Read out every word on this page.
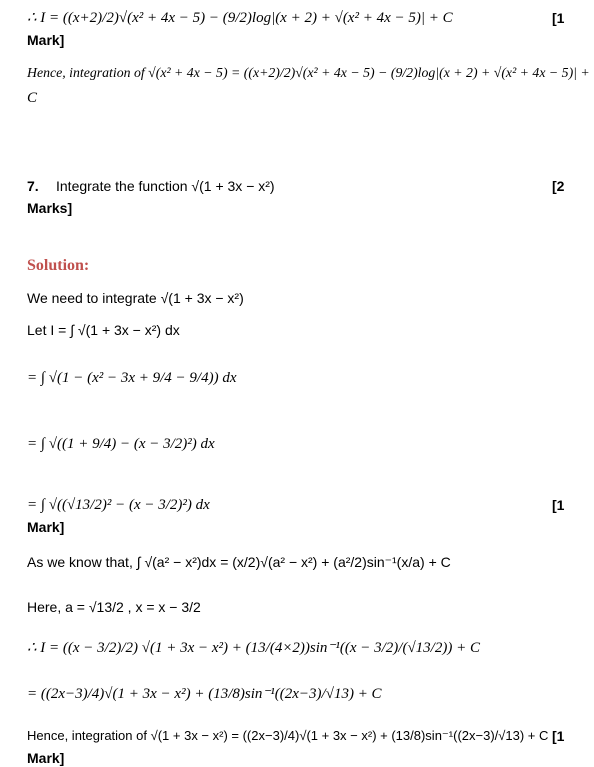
∴ I = ((x+2)/2)√(x² + 4x − 5) − (9/2)log|(x + 2) + √(x² + 4x − 5)| + C	[1
Mark]
Hence, integration of √(x² + 4x − 5) = ((x+2)/2)√(x² + 4x − 5) − (9/2)log|(x + 2) + √(x² + 4x − 5)| +
C
7. Integrate the function √(1 + 3x − x²)	[2
Marks]
Solution:
We need to integrate √(1 + 3x − x²)
Let I = ∫ √(1 + 3x − x²) dx
= ∫ √(1 − (x² − 3x + 9/4 − 9/4)) dx
= ∫ √((1 + 9/4) − (x − 3/2)²) dx
= ∫ √((√13/2)² − (x − 3/2)²) dx	[1
Mark]
As we know that, ∫ √(a² − x²)dx = (x/2)√(a² − x²) + (a²/2)sin⁻¹(x/a) + C
Here, a = √13/2 , x = x − 3/2
∴ I = ((x − 3/2)/2) √(1 + 3x − x²) + (13/(4×2))sin⁻¹((x − 3/2)/(√13/2)) + C
= ((2x−3)/4)√(1 + 3x − x²) + (13/8)sin⁻¹((2x−3)/√13) + C
Hence, integration of √(1 + 3x − x²) = ((2x−3)/4)√(1 + 3x − x²) + (13/8)sin⁻¹((2x−3)/√13) + C [1
Mark]
